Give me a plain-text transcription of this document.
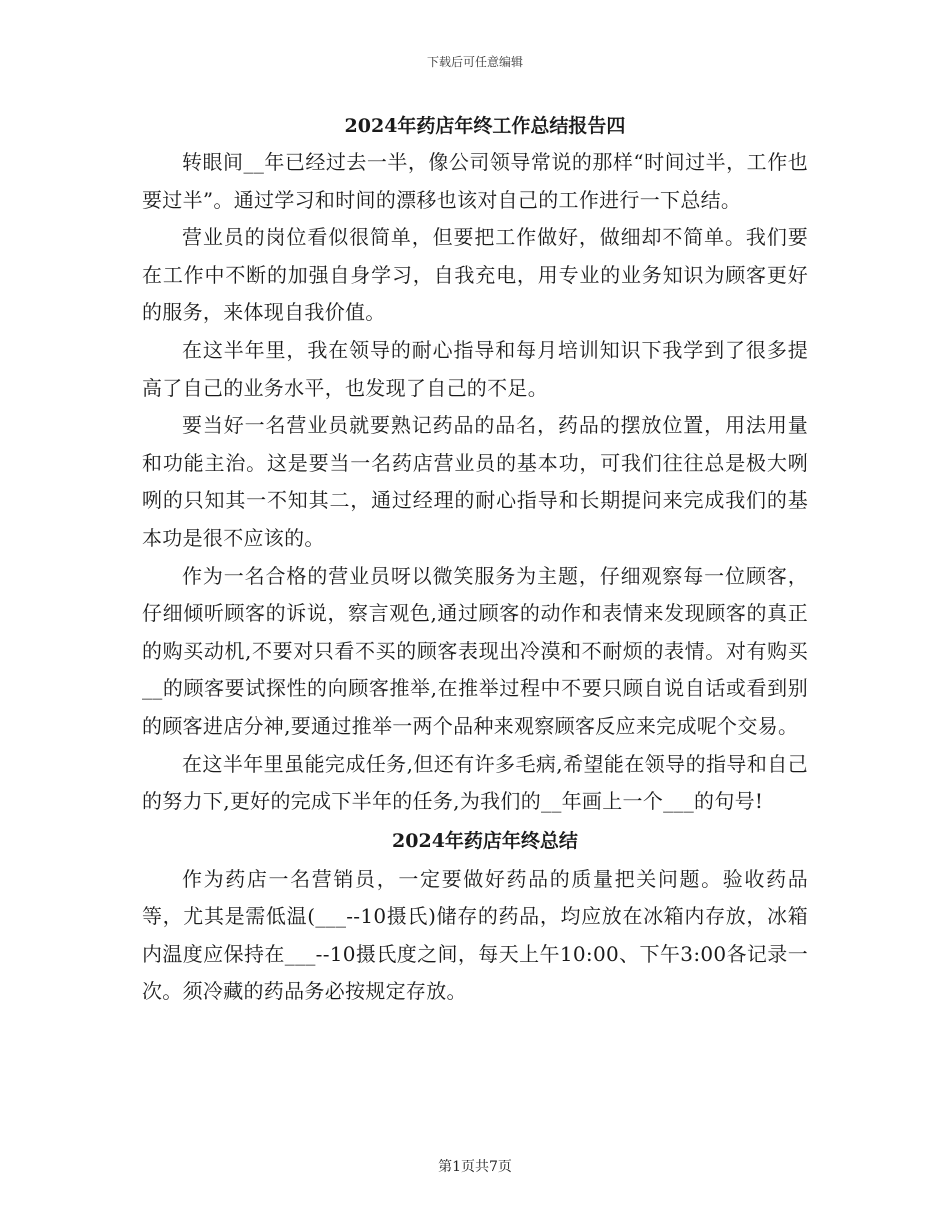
下载后可任意编辑
2024年药店年终工作总结报告四

转眼间__年已经过去一半，像公司领导常说的那样“时间过半，工作也要过半”。通过学习和时间的漂移也该对自己的工作进行一下总结。

营业员的岗位看似很简单，但要把工作做好，做细却不简单。我们要在工作中不断的加强自身学习，自我充电，用专业的业务知识为顾客更好的服务，来体现自我价值。

在这半年里，我在领导的耐心指导和每月培训知识下我学到了很多提高了自己的业务水平，也发现了自己的不足。

要当好一名营业员就要熟记药品的品名，药品的摆放位置，用法用量和功能主治。这是要当一名药店营业员的基本功，可我们往往总是极大咧咧的只知其一不知其二，通过经理的耐心指导和长期提问来完成我们的基本功是很不应该的。

作为一名合格的营业员呀以微笑服务为主题，仔细观察每一位顾客，仔细倾听顾客的诉说，察言观色,通过顾客的动作和表情来发现顾客的真正的购买动机,不要对只看不买的顾客表现出冷漠和不耐烦的表情。对有购买__的顾客要试探性的向顾客推举,在推举过程中不要只顾自说自话或看到别的顾客进店分神,要通过推举一两个品种来观察顾客反应来完成呢个交易。

在这半年里虽能完成任务,但还有许多毛病,希望能在领导的指导和自己的努力下,更好的完成下半年的任务,为我们的__年画上一个___的句号!

2024年药店年终总结

作为药店一名营销员，一定要做好药品的质量把关问题。验收药品等，尤其是需低温(___--10摄氏)储存的药品，均应放在冰箱内存放，冰箱内温度应保持在___--10摄氏度之间，每天上午10:00、下午3:00各记录一次。须冷藏的药品务必按规定存放。

第1页共7页
